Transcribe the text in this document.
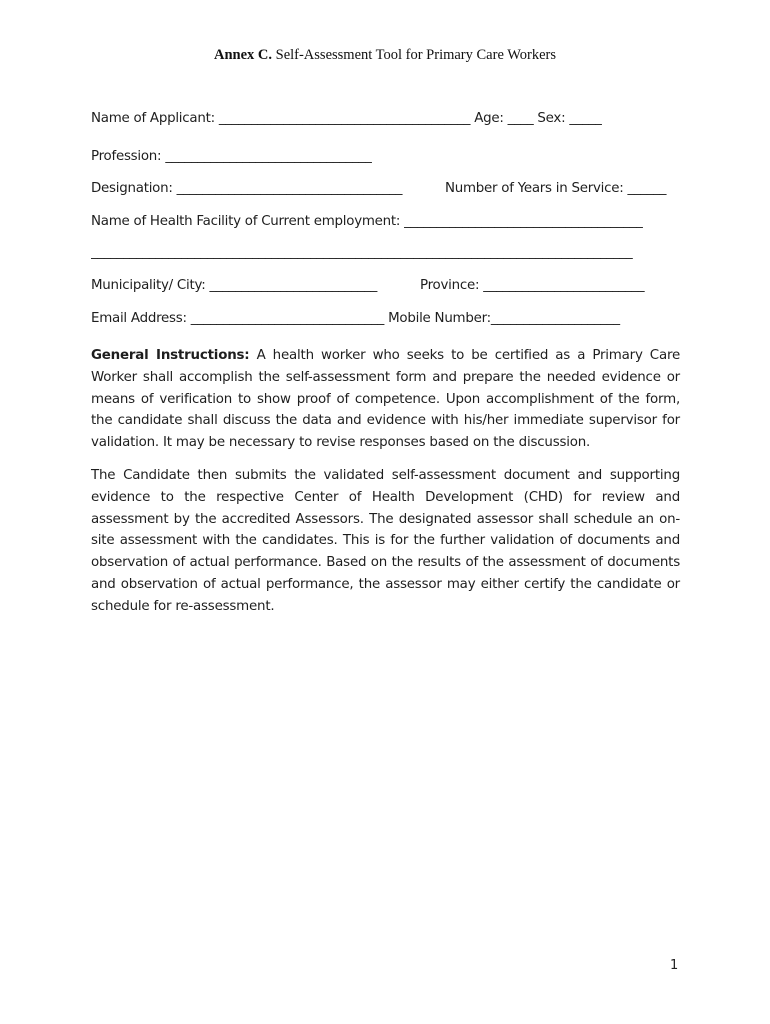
Annex C. Self-Assessment Tool for Primary Care Workers
Name of Applicant: _______________________________________ Age: ____ Sex: _____
Profession: ________________________________
Designation: ___________________________________	Number of Years in Service: ______
Name of Health Facility of Current employment: _____________________________________
____________________________________________________________________________________
Municipality/ City: __________________________	Province: _________________________
Email Address: ______________________________ Mobile Number:____________________
General Instructions: A health worker who seeks to be certified as a Primary Care Worker shall accomplish the self-assessment form and prepare the needed evidence or means of verification to show proof of competence. Upon accomplishment of the form, the candidate shall discuss the data and evidence with his/her immediate supervisor for validation. It may be necessary to revise responses based on the discussion.
The Candidate then submits the validated self-assessment document and supporting evidence to the respective Center of Health Development (CHD) for review and assessment by the accredited Assessors. The designated assessor shall schedule an on-site assessment with the candidates. This is for the further validation of documents and observation of actual performance. Based on the results of the assessment of documents and observation of actual performance, the assessor may either certify the candidate or schedule for re-assessment.
1
